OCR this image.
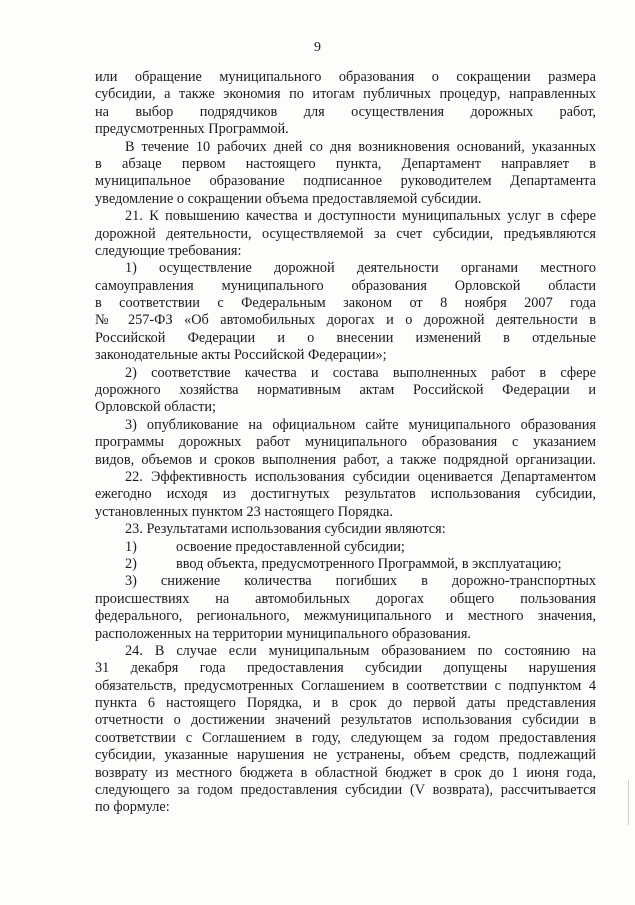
9
или обращение муниципального образования о сокращении размера
субсидии, а также экономия по итогам публичных процедур, направленных
на выбор подрядчиков для осуществления дорожных работ,
предусмотренных Программой.
В течение 10 рабочих дней со дня возникновения оснований, указанных
в абзаце первом настоящего пункта, Департамент направляет в
муниципальное образование подписанное руководителем Департамента
уведомление о сокращении объема предоставляемой субсидии.
21. К повышению качества и доступности муниципальных услуг в сфере
дорожной деятельности, осуществляемой за счет субсидии, предъявляются
следующие требования:
1) осуществление дорожной деятельности органами местного
самоуправления муниципального образования Орловской области
в соответствии с Федеральным законом от 8 ноября 2007 года
№ 257-ФЗ «Об автомобильных дорогах и о дорожной деятельности в
Российской Федерации и о внесении изменений в отдельные
законодательные акты Российской Федерации»;
2) соответствие качества и состава выполненных работ в сфере
дорожного хозяйства нормативным актам Российской Федерации и
Орловской области;
3) опубликование на официальном сайте муниципального образования
программы дорожных работ муниципального образования с указанием
видов, объемов и сроков выполнения работ, а также подрядной организации.
22. Эффективность использования субсидии оценивается Департаментом
ежегодно исходя из достигнутых результатов использования субсидии,
установленных пунктом 23 настоящего Порядка.
23. Результатами использования субсидии являются:
1)	освоение предоставленной субсидии;
2)	ввод объекта, предусмотренного Программой, в эксплуатацию;
3) снижение количества погибших в дорожно-транспортных
происшествиях на автомобильных дорогах общего пользования
федерального, регионального, межмуниципального и местного значения,
расположенных на территории муниципального образования.
24. В случае если муниципальным образованием по состоянию на
31 декабря года предоставления субсидии допущены нарушения
обязательств, предусмотренных Соглашением в соответствии с подпунктом 4
пункта 6 настоящего Порядка, и в срок до первой даты представления
отчетности о достижении значений результатов использования субсидии в
соответствии с Соглашением в году, следующем за годом предоставления
субсидии, указанные нарушения не устранены, объем средств, подлежащий
возврату из местного бюджета в областной бюджет в срок до 1 июня года,
следующего за годом предоставления субсидии (V возврата), рассчитывается
по формуле:
